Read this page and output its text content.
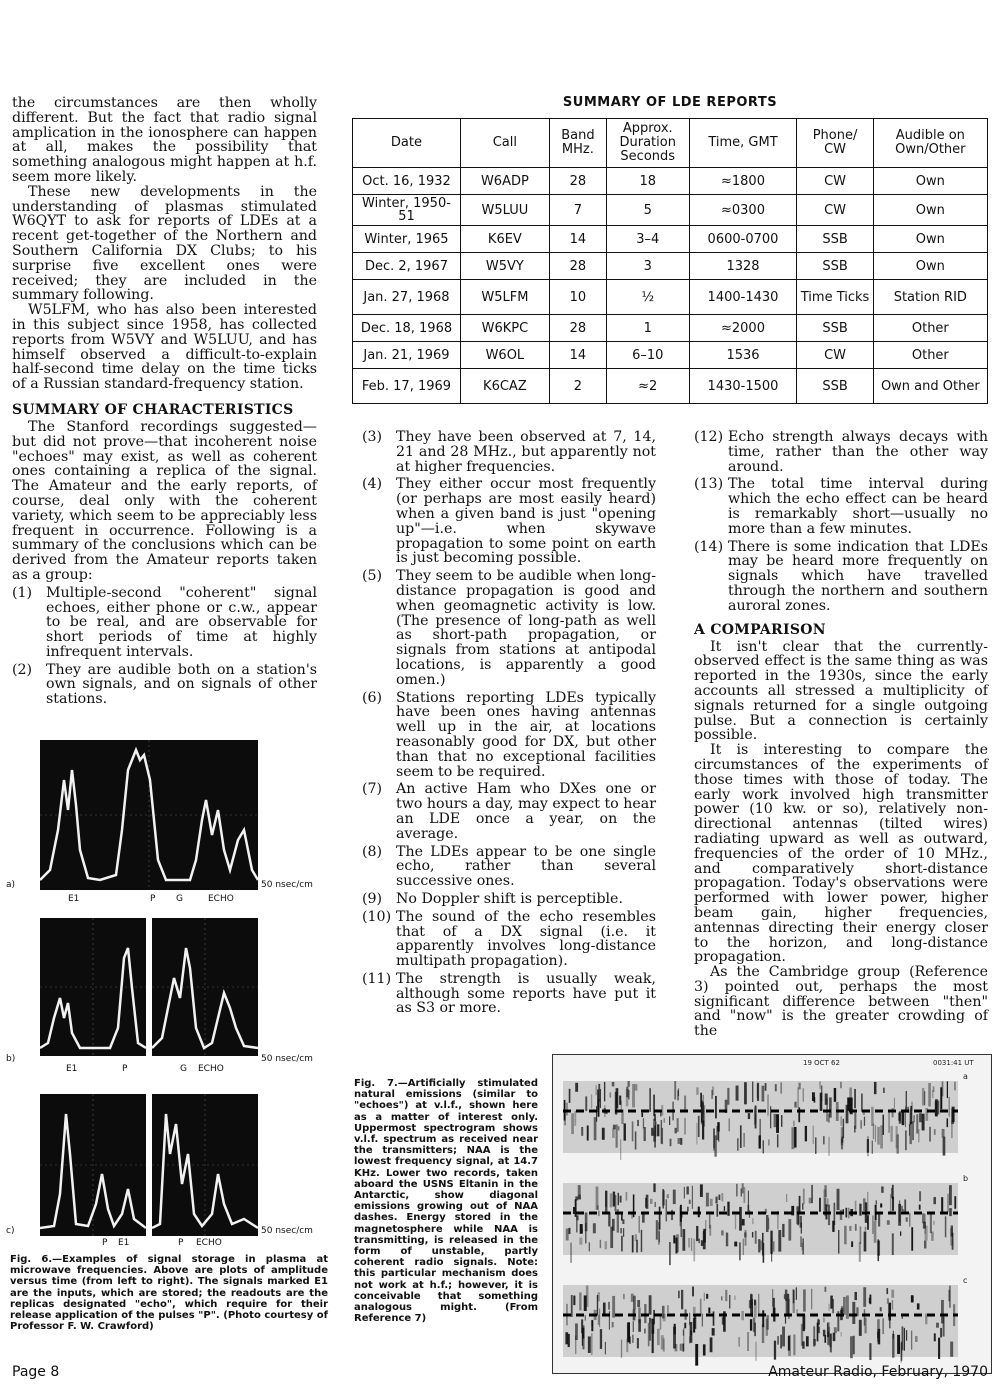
the circumstances are then wholly different. But the fact that radio signal amplication in the ionosphere can happen at all, makes the possibility that something analogous might happen at h.f. seem more likely.

These new developments in the understanding of plasmas stimulated W6QYT to ask for reports of LDEs at a recent get-together of the Northern and Southern California DX Clubs; to his surprise five excellent ones were received; they are included in the summary following.

W5LFM, who has also been interested in this subject since 1958, has collected reports from W5VY and W5LUU, and has himself observed a difficult-to-explain half-second time delay on the time ticks of a Russian standard-frequency station.

SUMMARY OF CHARACTERISTICS

The Stanford recordings suggested—but did not prove—that incoherent noise "echoes" may exist, as well as coherent ones containing a replica of the signal. The Amateur and the early reports, of course, deal only with the coherent variety, which seem to be appreciably less frequent in occurrence. Following is a summary of the conclusions which can be derived from the Amateur reports taken as a group:

(1) Multiple-second "coherent" signal echoes, either phone or c.w., appear to be real, and are observable for short periods of time at highly infrequent intervals.
(2) They are audible both on a station's own signals, and on signals of other stations.
SUMMARY OF LDE REPORTS
Date	Call	Band MHz.	Approx. Duration Seconds	Time, GMT	Phone/ CW	Audible on Own/Other
Oct. 16, 1932	W6ADP	28	18	≈1800	CW	Own
Winter, 1950-51	W5LUU	7	5	≈0300	CW	Own
Winter, 1965	K6EV	14	3–4	0600-0700	SSB	Own
Dec. 2, 1967	W5VY	28	3	1328	SSB	Own
Jan. 27, 1968	W5LFM	10	½	1400-1430	Time Ticks	Station RID
Dec. 18, 1968	W6KPC	28	1	≈2000	SSB	Other
Jan. 21, 1969	W6OL	14	6–10	1536	CW	Other
Feb. 17, 1969	K6CAZ	2	≈2	1430-1500	SSB	Own and Other
(3) They have been observed at 7, 14, 21 and 28 MHz., but apparently not at higher frequencies.
(4) They either occur most frequently (or perhaps are most easily heard) when a given band is just "opening up"—i.e. when skywave propagation to some point on earth is just becoming possible.
(5) They seem to be audible when long-distance propagation is good and when geomagnetic activity is low. (The presence of long-path as well as short-path propagation, or signals from stations at antipodal locations, is apparently a good omen.)
(6) Stations reporting LDEs typically have been ones having antennas well up in the air, at locations reasonably good for DX, but other than that no exceptional facilities seem to be required.
(7) An active Ham who DXes one or two hours a day, may expect to hear an LDE once a year, on the average.
(8) The LDEs appear to be one single echo, rather than several successive ones.
(9) No Doppler shift is perceptible.
(10) The sound of the echo resembles that of a DX signal (i.e. it apparently involves long-distance multipath propagation).
(11) The strength is usually weak, although some reports have put it as S3 or more.
(12) Echo strength always decays with time, rather than the other way around.
(13) The total time interval during which the echo effect can be heard is remarkably short—usually no more than a few minutes.
(14) There is some indication that LDEs may be heard more frequently on signals which have travelled through the northern and southern auroral zones.
A COMPARISON

It isn't clear that the currently-observed effect is the same thing as was reported in the 1930s, since the early accounts all stressed a multiplicity of signals returned for a single outgoing pulse. But a connection is certainly possible.

It is interesting to compare the circumstances of the experiments of those times with those of today. The early work involved high transmitter power (10 kw. or so), relatively non-directional antennas (tilted wires) radiating upward as well as outward, frequencies of the order of 10 MHz., and comparatively short-distance propagation. Today's observations were performed with lower power, higher beam gain, higher frequencies, antennas directing their energy closer to the horizon, and long-distance propagation.

As the Cambridge group (Reference 3) pointed out, perhaps the most significant difference between "then" and "now" is the greater crowding of the

a)	50 nsec/cm
E1	P G	ECHO
b)	50 nsec/cm
E1	P	G ECHO
c)	50 nsec/cm
P E1	P ECHO
Fig. 6.—Examples of signal storage in plasma at microwave frequencies. Above are plots of amplitude versus time (from left to right). The signals marked E1 are the inputs, which are stored; the readouts are the replicas designated "echo", which require for their release application of the pulses "P". (Photo courtesy of Professor F. W. Crawford)
Fig. 7.—Artificially stimulated natural emissions (similar to "echoes") at v.l.f., shown here as a matter of interest only. Uppermost spectrogram shows v.l.f. spectrum as received near the transmitters; NAA is the lowest frequency signal, at 14.7 KHz. Lower two records, taken aboard the USNS Eltanin in the Antarctic, show diagonal emissions growing out of NAA dashes. Energy stored in the magnetosphere while NAA is transmitting, is released in the form of unstable, partly coherent radio signals. Note: this particular mechanism does not work at h.f.; however, it is conceivable that something analogous might. (From Reference 7)
19 OCT 62	0031:41 UT
a
b
c
Page 8	Amateur Radio, February, 1970
